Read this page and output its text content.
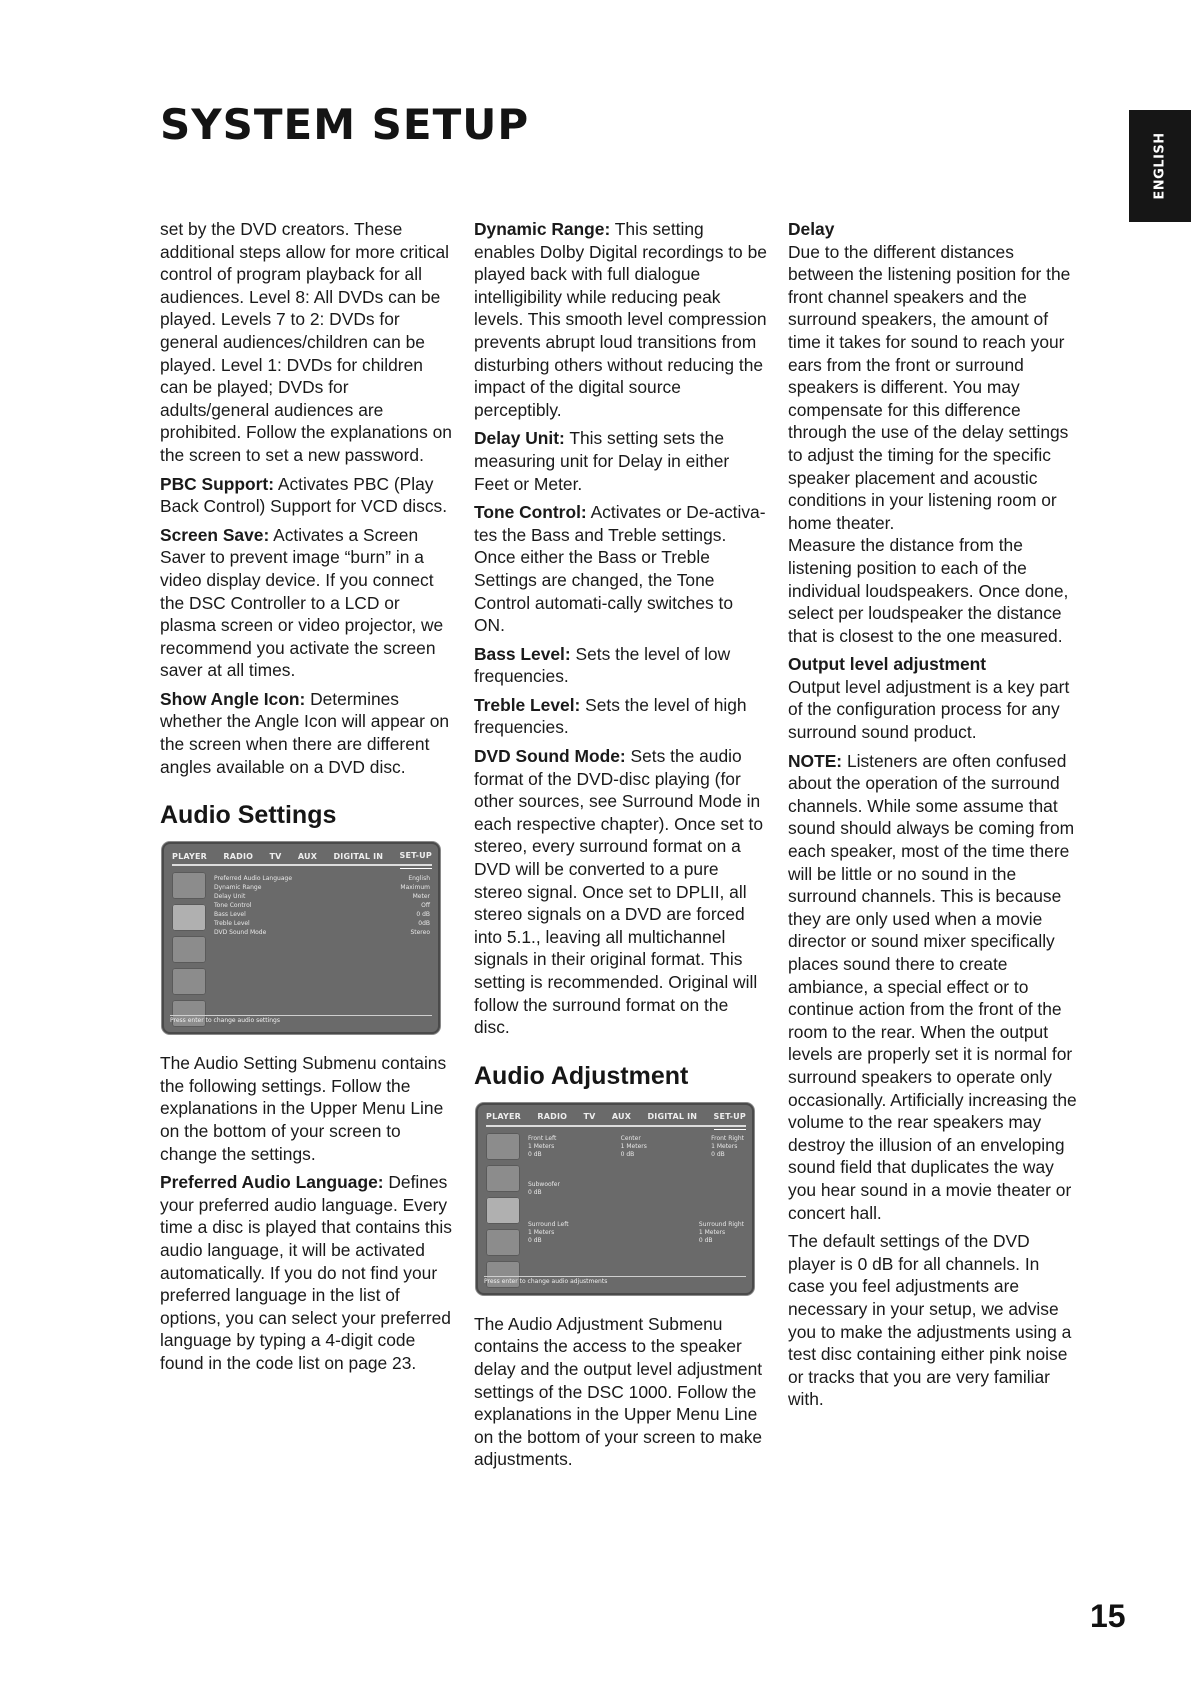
SYSTEM SETUP
ENGLISH

set by the DVD creators. These additional steps allow for more critical control of program playback for all audiences. Level 8: All DVDs can be played. Levels 7 to 2: DVDs for general audiences/children can be played. Level 1: DVDs for children can be played; DVDs for adults/general audiences are prohibited. Follow the explanations on the screen to set a new password.

PBC Support: Activates PBC (Play Back Control) Support for VCD discs.

Screen Save: Activates a Screen Saver to prevent image “burn” in a video display device. If you connect the DSC Controller to a LCD or plasma screen or video projector, we recommend you activate the screen saver at all times.

Show Angle Icon: Determines whether the Angle Icon will appear on the screen when there are different angles available on a DVD disc.

Audio Settings
PLAYER RADIO TV AUX DIGITAL IN SET-UP
Preferred Audio Language	English
Dynamic Range	Maximum
Delay Unit	Meter
Tone Control	Off
Bass Level	0 dB
Treble Level	0dB
DVD Sound Mode	Stereo
Press enter to change audio settings

The Audio Setting Submenu contains the following settings. Follow the explanations in the Upper Menu Line on the bottom of your screen to change the settings.

Preferred Audio Language: Defines your preferred audio language. Every time a disc is played that contains this audio language, it will be activated automatically. If you do not find your preferred language in the list of options, you can select your preferred language by typing a 4-digit code found in the code list on page 23.

Dynamic Range: This setting enables Dolby Digital recordings to be played back with full dialogue intelligibility while reducing peak levels. This smooth level compression prevents abrupt loud transitions from disturbing others without reducing the impact of the digital source perceptibly.

Delay Unit: This setting sets the measuring unit for Delay in either Feet or Meter.

Tone Control: Activates or De-activa-tes the Bass and Treble settings. Once either the Bass or Treble Settings are changed, the Tone Control automati-cally switches to ON.

Bass Level: Sets the level of low frequencies.

Treble Level: Sets the level of high frequencies.

DVD Sound Mode: Sets the audio format of the DVD-disc playing (for other sources, see Surround Mode in each respective chapter). Once set to stereo, every surround format on a DVD will be converted to a pure stereo signal. Once set to DPLII, all stereo signals on a DVD are forced into 5.1., leaving all multichannel signals in their original format. This setting is recommended. Original will follow the surround format on the disc.

Audio Adjustment
PLAYER RADIO TV AUX DIGITAL IN SET-UP
Front Left
1 Meters
0 dB
Center
1 Meters
0 dB
Front Right
1 Meters
0 dB
Subwoofer
0 dB
Surround Left
1 Meters
0 dB
Surround Right
1 Meters
0 dB
Press enter to change audio adjustments

The Audio Adjustment Submenu contains the access to the speaker delay and the output level adjustment settings of the DSC 1000. Follow the explanations in the Upper Menu Line on the bottom of your screen to make adjustments.

Delay

Due to the different distances between the listening position for the front channel speakers and the surround speakers, the amount of time it takes for sound to reach your ears from the front or surround speakers is different. You may compensate for this difference through the use of the delay settings to adjust the timing for the specific speaker placement and acoustic conditions in your listening room or home theater.

Measure the distance from the listening position to each of the individual loudspeakers. Once done, select per loudspeaker the distance that is closest to the one measured.

Output level adjustment

Output level adjustment is a key part of the configuration process for any surround sound product.

NOTE: Listeners are often confused about the operation of the surround channels. While some assume that sound should always be coming from each speaker, most of the time there will be little or no sound in the surround channels. This is because they are only used when a movie director or sound mixer specifically places sound there to create ambiance, a special effect or to continue action from the front of the room to the rear. When the output levels are properly set it is normal for surround speakers to operate only occasionally. Artificially increasing the volume to the rear speakers may destroy the illusion of an enveloping sound field that duplicates the way you hear sound in a movie theater or concert hall.

The default settings of the DVD player is 0 dB for all channels. In case you feel adjustments are necessary in your setup, we advise you to make the adjustments using a test disc containing either pink noise or tracks that you are very familiar with.

15
